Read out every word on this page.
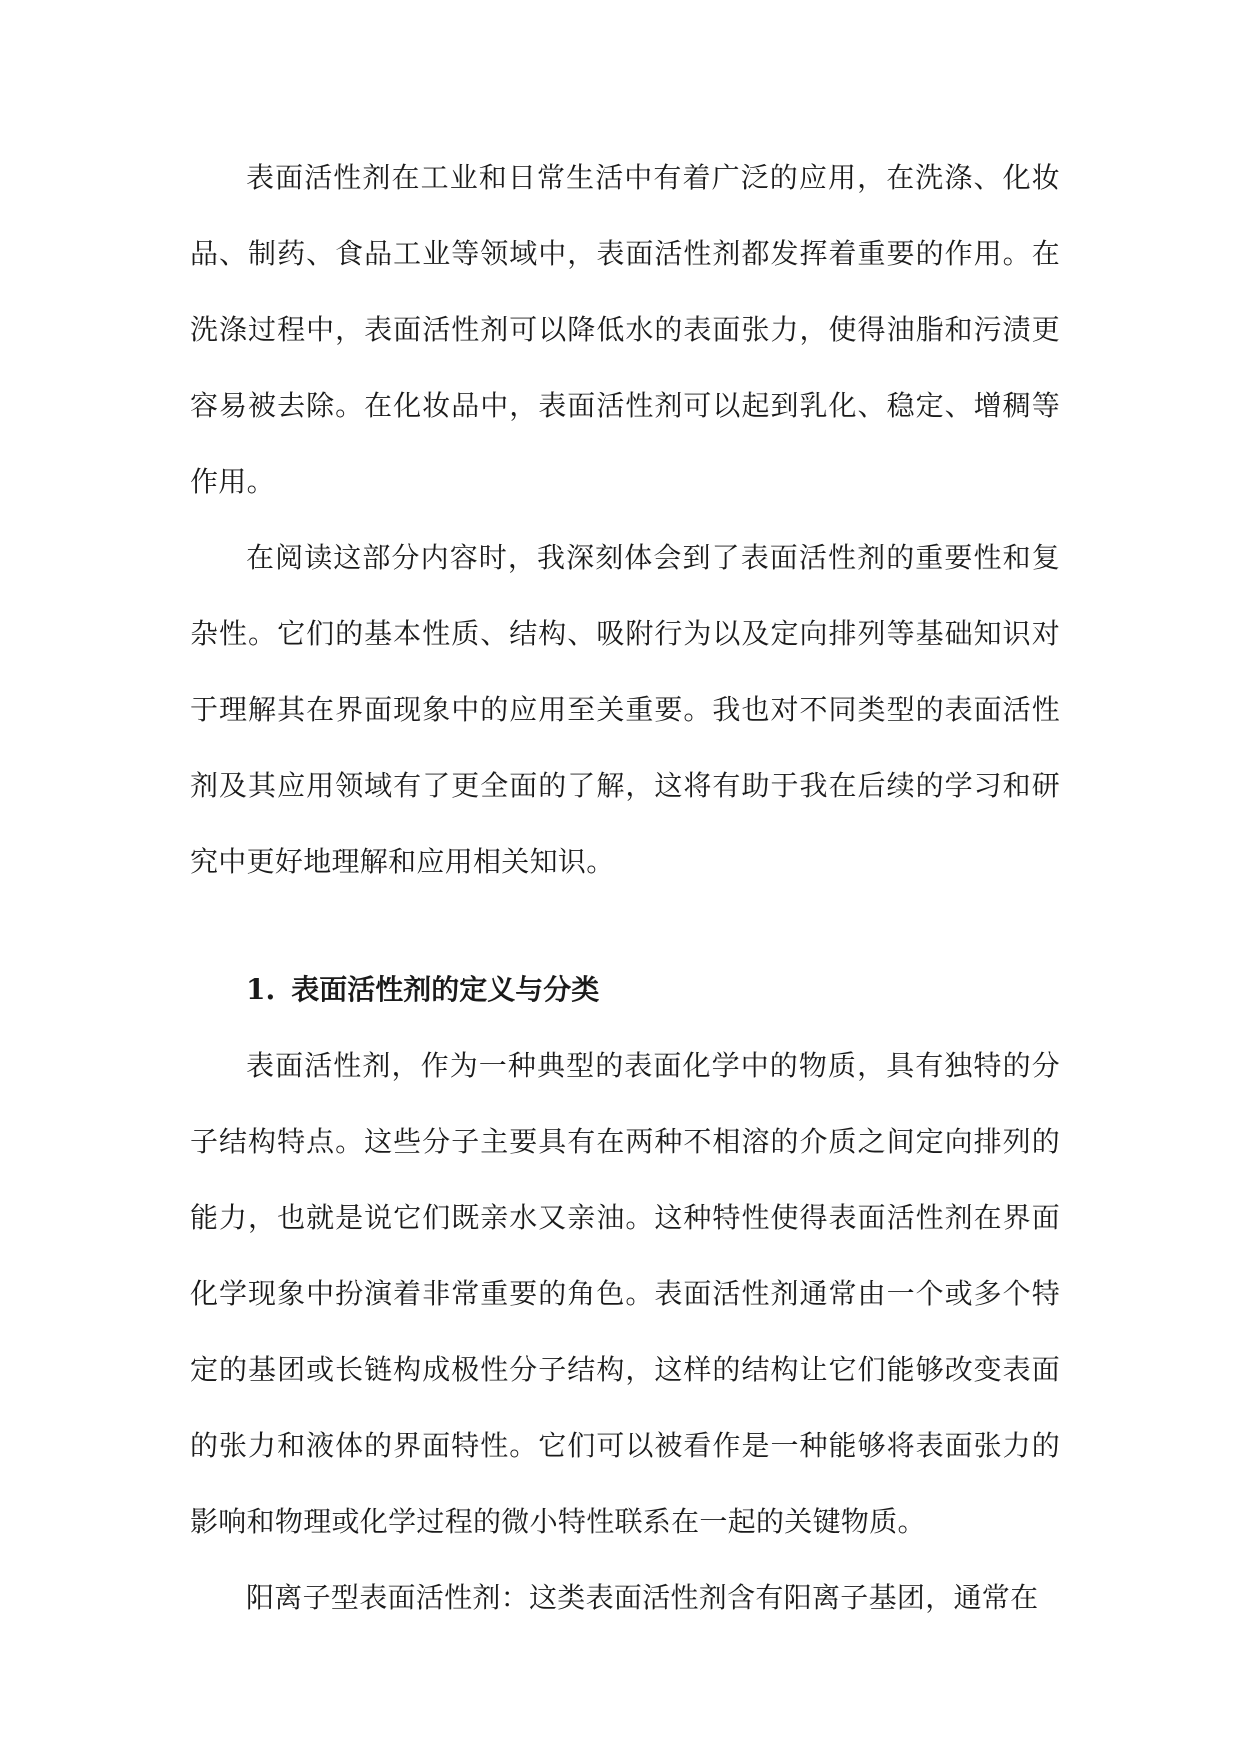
表面活性剂在工业和日常生活中有着广泛的应用，在洗涤、化妆品、制药、食品工业等领域中，表面活性剂都发挥着重要的作用。在洗涤过程中，表面活性剂可以降低水的表面张力，使得油脂和污渍更容易被去除。在化妆品中，表面活性剂可以起到乳化、稳定、增稠等作用。

在阅读这部分内容时，我深刻体会到了表面活性剂的重要性和复杂性。它们的基本性质、结构、吸附行为以及定向排列等基础知识对于理解其在界面现象中的应用至关重要。我也对不同类型的表面活性剂及其应用领域有了更全面的了解，这将有助于我在后续的学习和研究中更好地理解和应用相关知识。

1. 表面活性剂的定义与分类

表面活性剂，作为一种典型的表面化学中的物质，具有独特的分子结构特点。这些分子主要具有在两种不相溶的介质之间定向排列的能力，也就是说它们既亲水又亲油。这种特性使得表面活性剂在界面化学现象中扮演着非常重要的角色。表面活性剂通常由一个或多个特定的基团或长链构成极性分子结构，这样的结构让它们能够改变表面的张力和液体的界面特性。它们可以被看作是一种能够将表面张力的影响和物理或化学过程的微小特性联系在一起的关键物质。

阳离子型表面活性剂：这类表面活性剂含有阳离子基团，通常在
